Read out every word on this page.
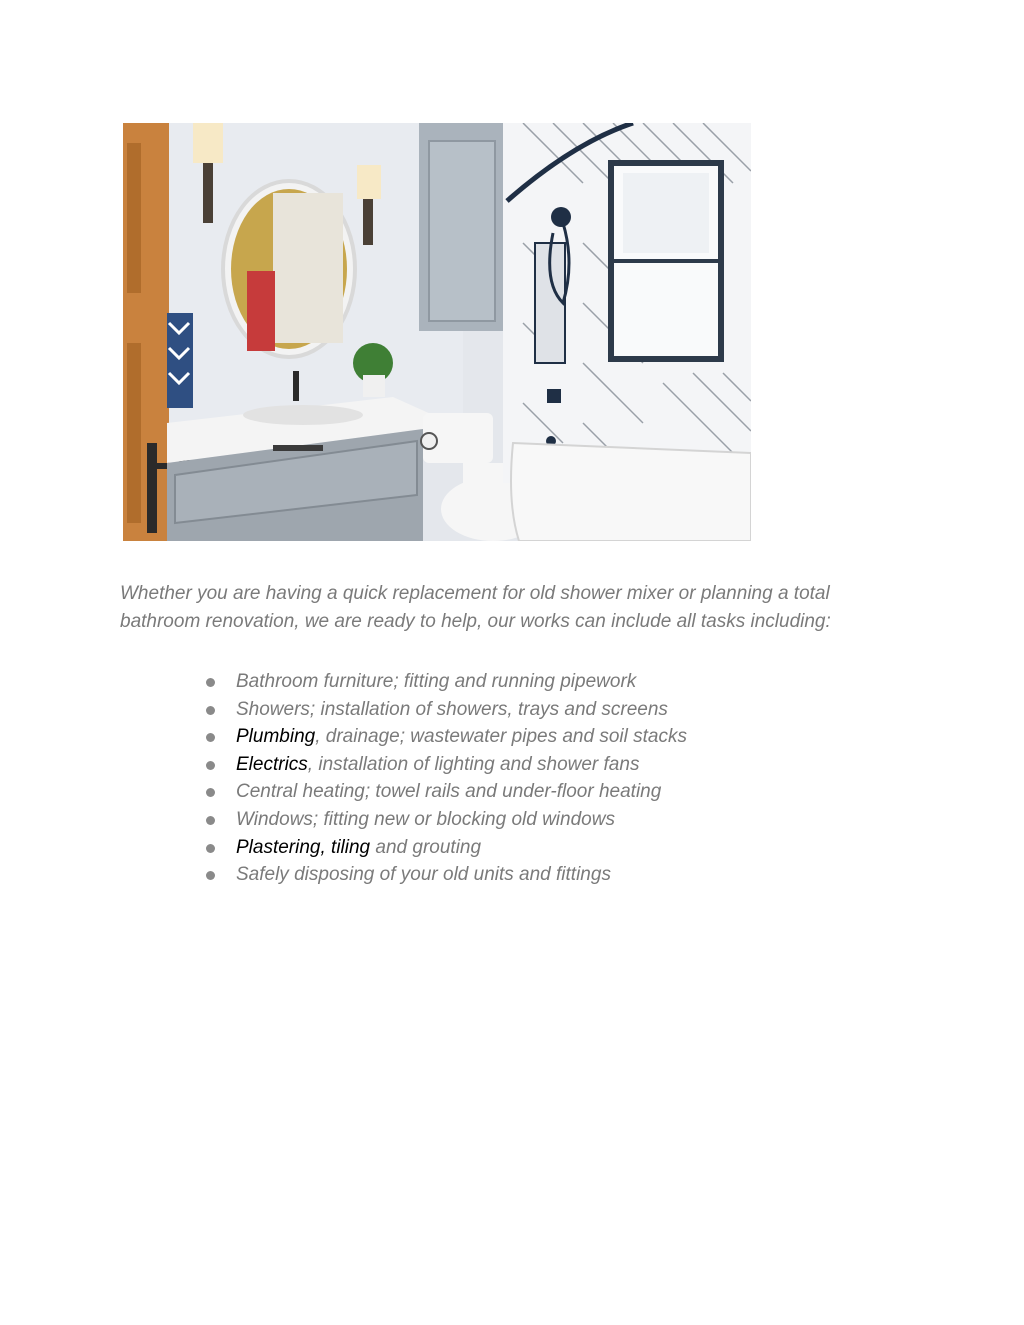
Whether you are having a quick replacement for old shower mixer or planning a total bathroom renovation, we are ready to help, our works can include all tasks including:

Bathroom furniture; fitting and running pipework
Showers; installation of showers, trays and screens
Plumbing, drainage; wastewater pipes and soil stacks
Electrics, installation of lighting and shower fans
Central heating; towel rails and under-floor heating
Windows; fitting new or blocking old windows
Plastering, tiling and grouting
Safely disposing of your old units and fittings
